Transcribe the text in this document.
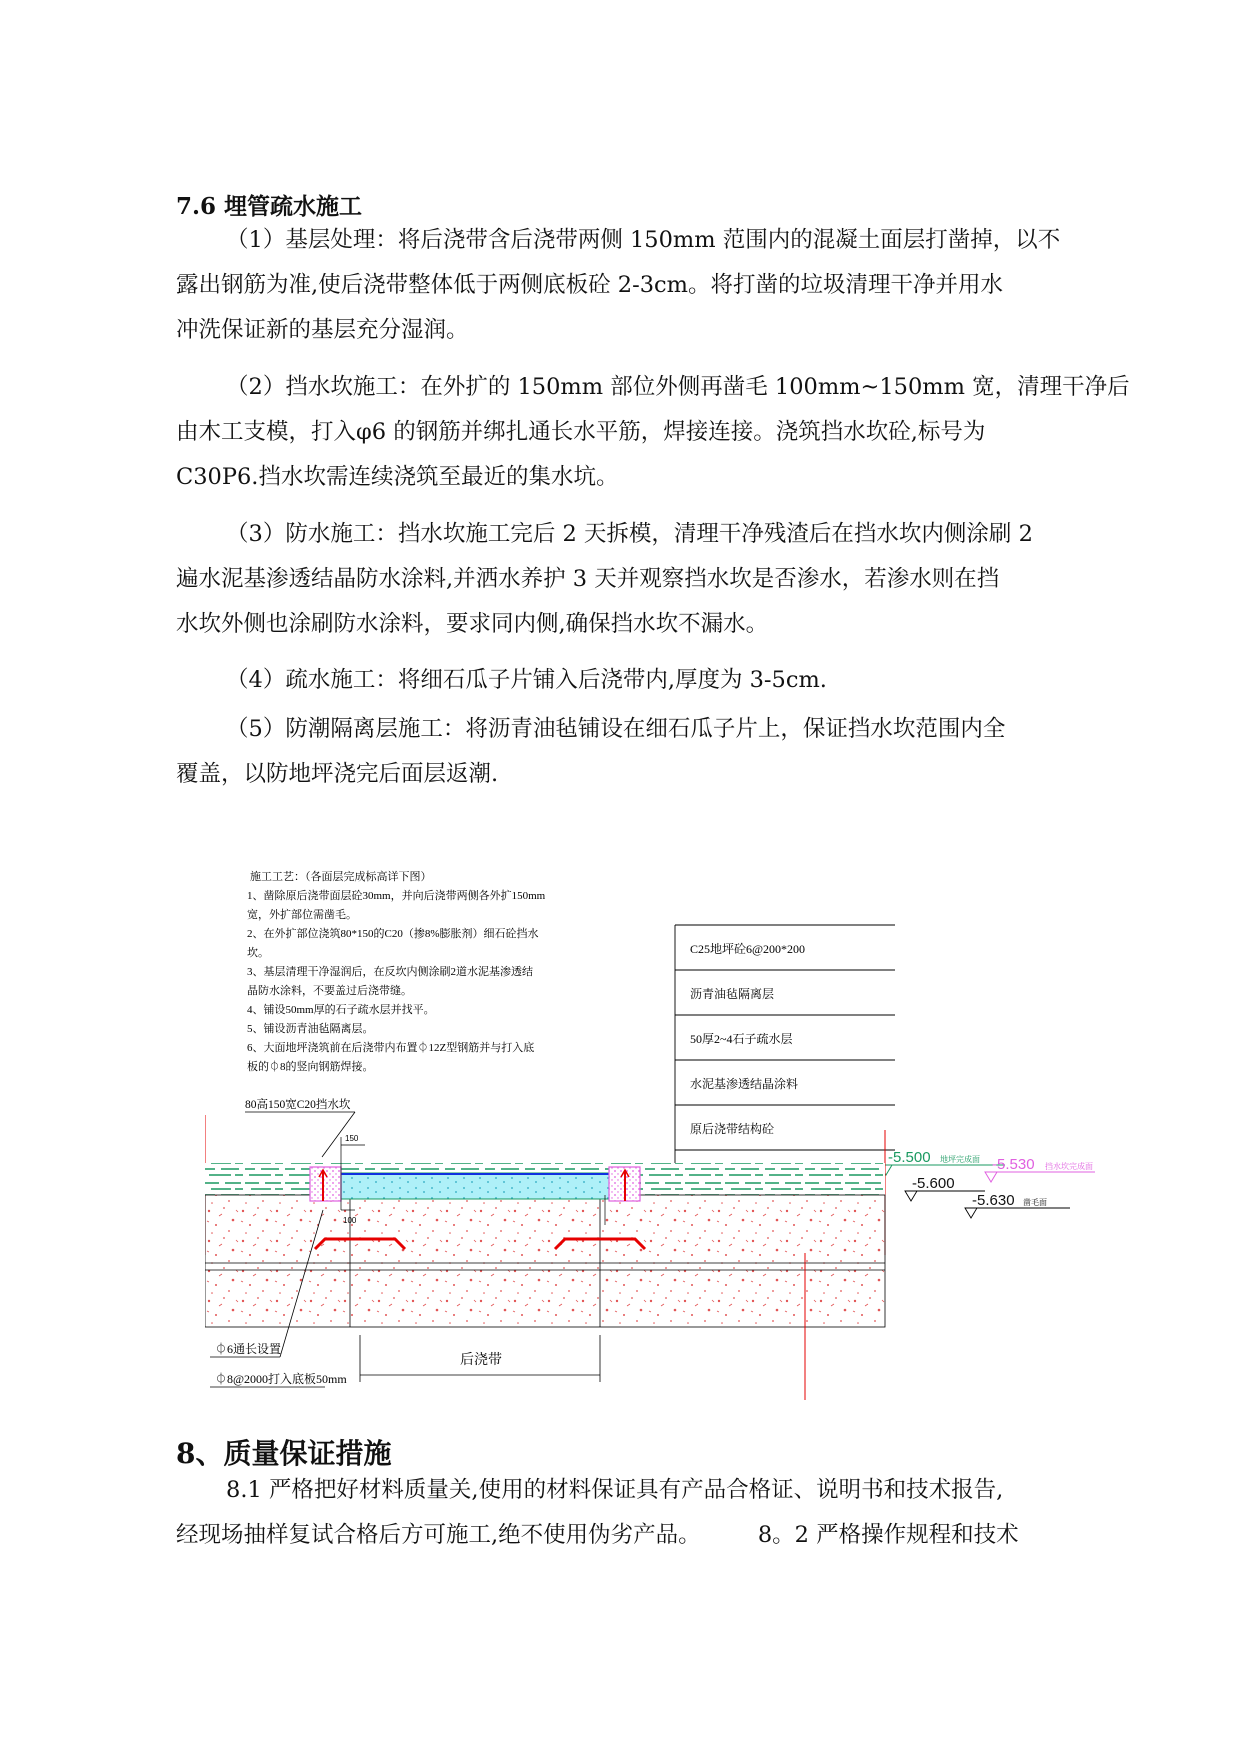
7.6 埋管疏水施工
（1）基层处理：将后浇带含后浇带两侧 150mm 范围内的混凝土面层打凿掉，以不
露出钢筋为准,使后浇带整体低于两侧底板砼 2-3cm。将打凿的垃圾清理干净并用水
冲洗保证新的基层充分湿润。
（2）挡水坎施工：在外扩的 150mm 部位外侧再凿毛 100mm~150mm 宽，清理干净后
由木工支模，打入φ6 的钢筋并绑扎通长水平筋，焊接连接。浇筑挡水坎砼,标号为
C30P6.挡水坎需连续浇筑至最近的集水坑。
（3）防水施工：挡水坎施工完后 2 天拆模，清理干净残渣后在挡水坎内侧涂刷 2
遍水泥基渗透结晶防水涂料,并洒水养护 3 天并观察挡水坎是否渗水，若渗水则在挡
水坎外侧也涂刷防水涂料，要求同内侧,确保挡水坎不漏水。
（4）疏水施工：将细石瓜子片铺入后浇带内,厚度为 3-5cm.
（5）防潮隔离层施工：将沥青油毡铺设在细石瓜子片上，保证挡水坎范围内全
覆盖，以防地坪浇完后面层返潮.
施工工艺：（各面层完成标高详下图）
1、凿除原后浇带面层砼30mm，并向后浇带两侧各外扩150mm
宽，外扩部位需凿毛。
2、在外扩部位浇筑80*150的C20（掺8%膨胀剂）细石砼挡水
坎。
3、基层清理干净湿润后，在反坎内侧涂刷2道水泥基渗透结
晶防水涂料，不要盖过后浇带缝。
4、铺设50mm厚的石子疏水层并找平。
5、铺设沥青油毡隔离层。
6、大面地坪浇筑前在后浇带内布置⏀12Z型钢筋并与打入底
板的⏀8的竖向钢筋焊接。
80高150宽C20挡水坎
C25地坪砼6@200*200
沥青油毡隔离层
50厚2~4石子疏水层
水泥基渗透结晶涂料
原后浇带结构砼
-5.500 地坪完成面 -5.530 挡水坎完成面
-5.600
-5.630 凿毛面
150
100
⏀6通长设置
⏀8@2000打入底板50mm
后浇带
8、质量保证措施
8.1 严格把好材料质量关,使用的材料保证具有产品合格证、说明书和技术报告,
经现场抽样复试合格后方可施工,绝不使用伪劣产品。        8。2 严格操作规程和技术
